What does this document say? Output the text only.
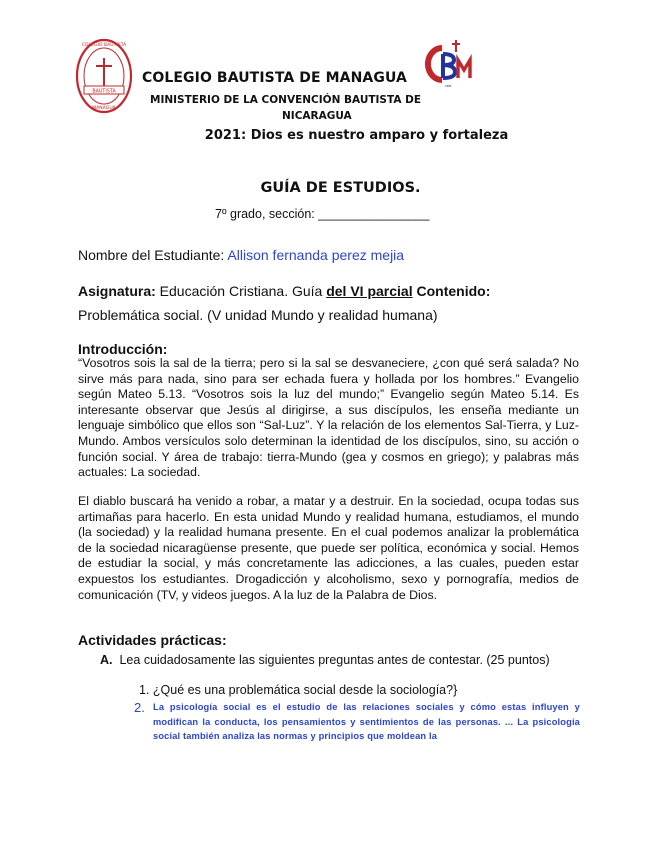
BAUTISTA
COLEGIO BAUTISTA
MANAGUA
CBM
COLEGIO BAUTISTA DE MANAGUA
MINISTERIO DE LA CONVENCIÓN BAUTISTA DE
NICARAGUA
2021: Dios es nuestro amparo y fortaleza
GUÍA DE ESTUDIOS.
7º grado, sección: ________________
Nombre del Estudiante: Allison fernanda perez mejia
Asignatura: Educación Cristiana. Guía del VI parcial Contenido:
Problemática social. (V unidad Mundo y realidad humana)
Introducción:

“Vosotros sois la sal de la tierra; pero si la sal se desvaneciere, ¿con qué será salada? No sirve más para nada, sino para ser echada fuera y hollada por los hombres.” Evangelio según Mateo 5.13. “Vosotros sois la luz del mundo;” Evangelio según Mateo 5.14. Es interesante observar que Jesús al dirigirse, a sus discípulos, les enseña mediante un lenguaje simbólico que ellos son “Sal-Luz”. Y la relación de los elementos Sal-Tierra, y Luz-Mundo. Ambos versículos solo determinan la identidad de los discípulos, sino, su acción o función social. Y área de trabajo: tierra-Mundo (gea y cosmos en griego); y palabras más actuales: La sociedad.

El diablo buscará ha venido a robar, a matar y a destruir. En la sociedad, ocupa todas sus artimañas para hacerlo. En esta unidad Mundo y realidad humana, estudiamos, el mundo (la sociedad) y la realidad humana presente. En el cual podemos analizar la problemática de la sociedad nicaragüense presente, que puede ser política, económica y social. Hemos de estudiar la social, y más concretamente las adicciones, a las cuales, pueden estar expuestos los estudiantes. Drogadicción y alcoholismo, sexo y pornografía, medios de comunicación (TV, y videos juegos. A la luz de la Palabra de Dios.

Actividades prácticas:
A. Lea cuidadosamente las siguientes preguntas antes de contestar. (25 puntos)
1. ¿Qué es una problemática social desde la sociología?}
2. La psicología social es el estudio de las relaciones sociales y cómo estas influyen y modifican la conducta, los pensamientos y sentimientos de las personas. ... La psicología social también analiza las normas y principios que moldean la
